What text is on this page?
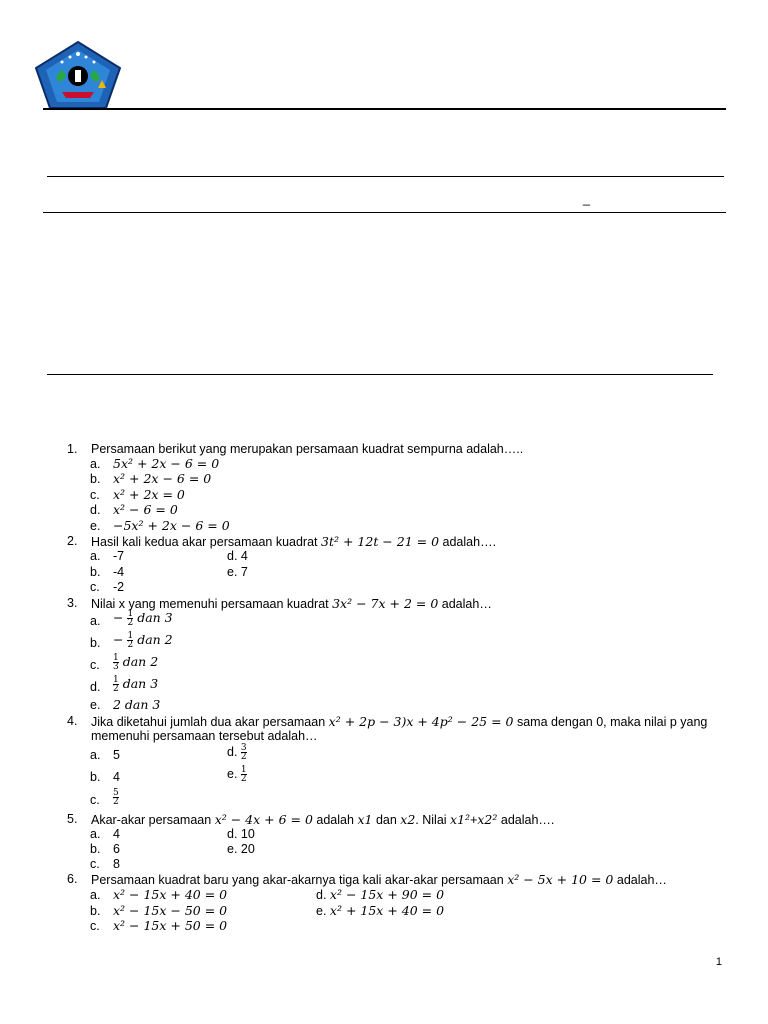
_
1. Persamaan berikut yang merupakan persamaan kuadrat sempurna adalah…..
a. 5x² + 2x − 6 = 0
b. x² + 2x − 6 = 0
c. x² + 2x = 0
d. x² − 6 = 0
e. −5x² + 2x − 6 = 0
2. Hasil kali kedua akar persamaan kuadrat 3t² + 12t − 21 = 0 adalah….
a. -7	d. 4
b. -4	e. 7
c. -2
3. Nilai x yang memenuhi persamaan kuadrat 3x² − 7x + 2 = 0 adalah…
a. − $\frac{1}{2}$ dan 3
b. − $\frac{1}{2}$ dan 2
c. $\frac{1}{3}$ dan 2
d. $\frac{1}{2}$ dan 3
e. 2 dan 3
4. Jika diketahui jumlah dua akar persamaan x² + 2p − 3)x + 4p² − 25 = 0 sama dengan 0, maka nilai p yang
memenuhi persamaan tersebut adalah…
a. 5	d. $\frac{3}{2}$
b. 4	e. $\frac{1}{2}$
c. $\frac{5}{2}$
5. Akar-akar persamaan x² − 4x + 6 = 0 adalah x1 dan x2. Nilai x1²+x2² adalah….
a. 4	d. 10
b. 6	e. 20
c. 8
6. Persamaan kuadrat baru yang akar-akarnya tiga kali akar-akar persamaan x² − 5x + 10 = 0 adalah…
a. x² − 15x + 40 = 0	d. x² − 15x + 90 = 0
b. x² − 15x − 50 = 0	e. x² + 15x + 40 = 0
c. x² − 15x + 50 = 0
1
